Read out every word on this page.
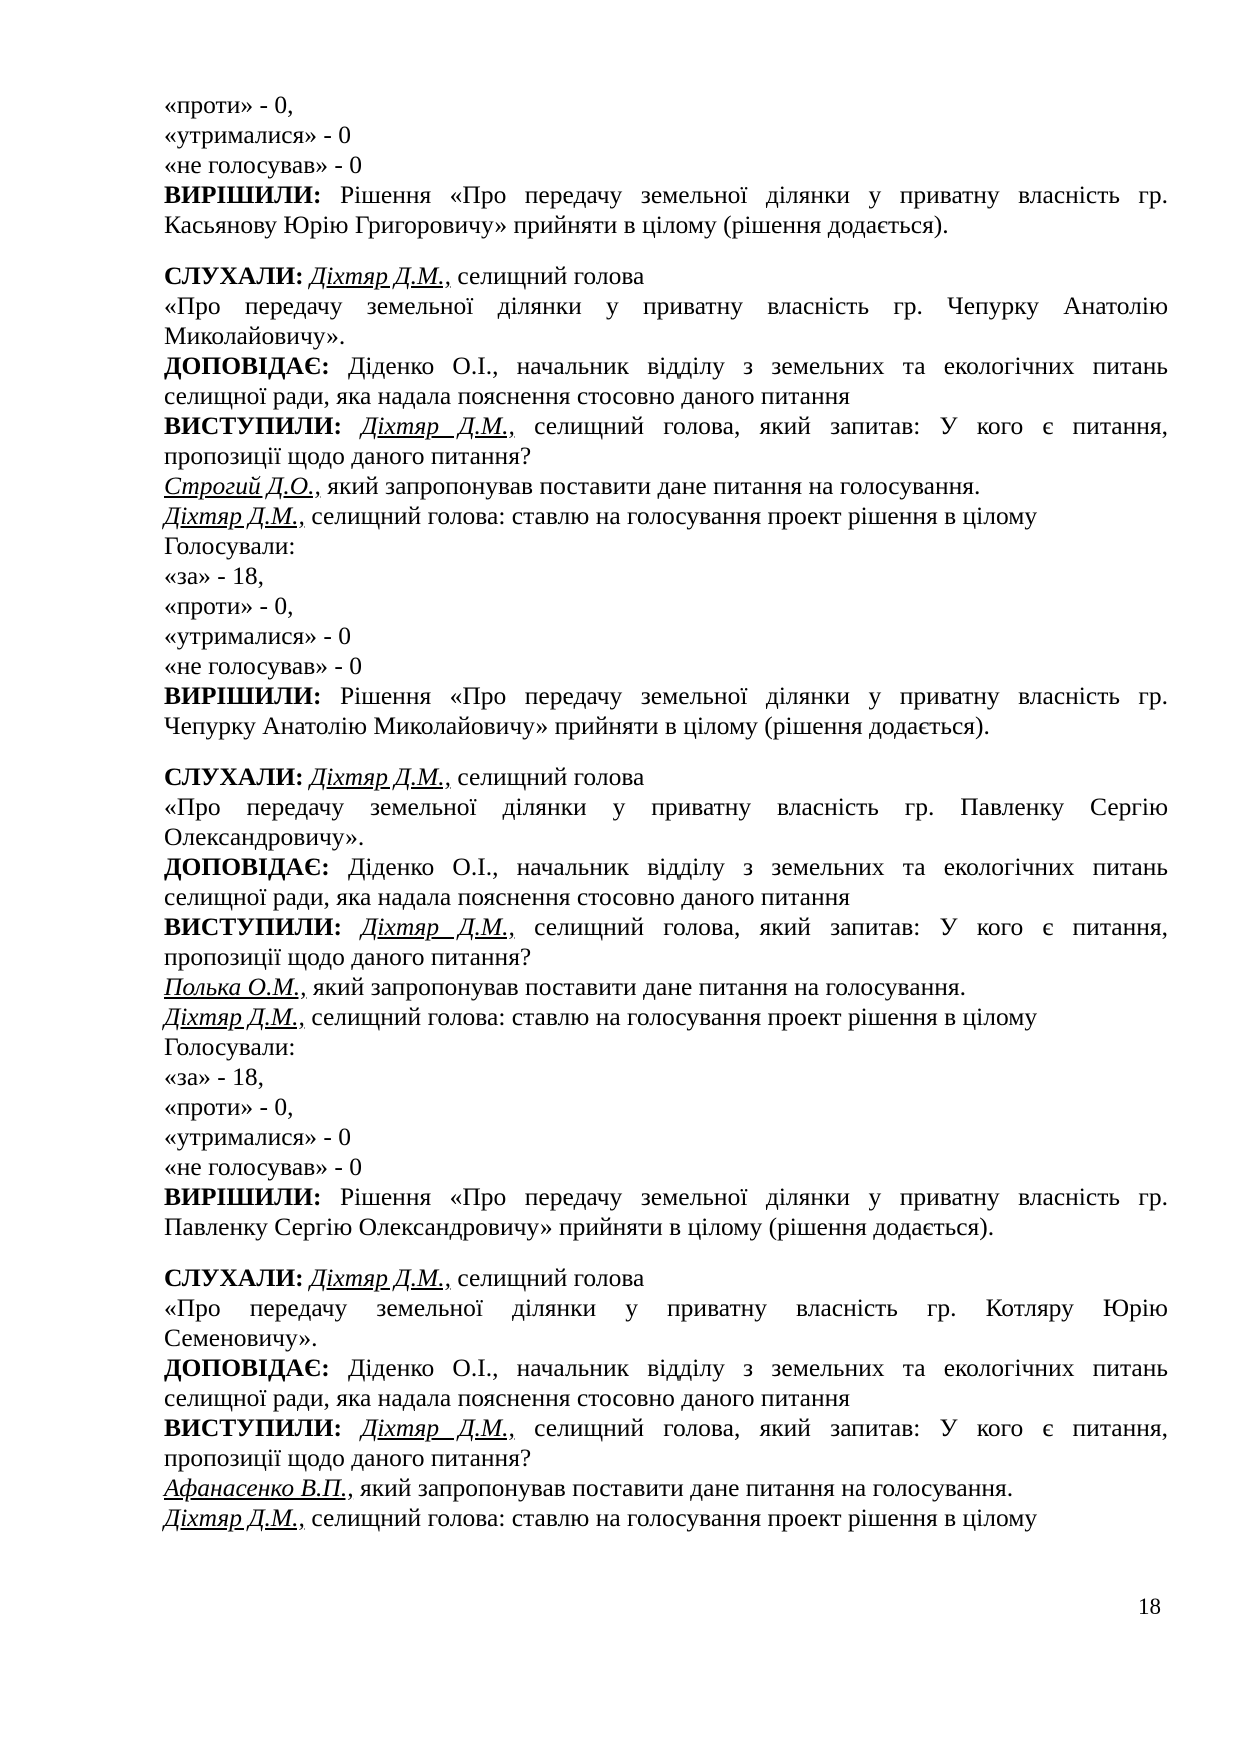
«проти» - 0,
«утрималися» - 0
«не голосував» - 0
ВИРІШИЛИ: Рішення «Про передачу земельної ділянки у приватну власність гр.
Касьянову Юрію Григоровичу» прийняти в цілому (рішення додається).
СЛУХАЛИ: Діхтяр Д.М., селищний голова
«Про передачу земельної ділянки у приватну власність гр. Чепурку Анатолію
Миколайовичу».
ДОПОВІДАЄ: Діденко О.І., начальник відділу з земельних та екологічних питань
селищної ради, яка надала пояснення стосовно даного питання
ВИСТУПИЛИ: Діхтяр Д.М., селищний голова, який запитав: У кого є питання,
пропозиції щодо даного питання?
Строгий Д.О., який запропонував поставити дане питання на голосування.
Діхтяр Д.М., селищний голова: ставлю на голосування проект рішення в цілому
Голосували:
«за» - 18,
«проти» - 0,
«утрималися» - 0
«не голосував» - 0
ВИРІШИЛИ: Рішення «Про передачу земельної ділянки у приватну власність гр.
Чепурку Анатолію Миколайовичу» прийняти в цілому (рішення додається).
СЛУХАЛИ: Діхтяр Д.М., селищний голова
«Про передачу земельної ділянки у приватну власність гр. Павленку Сергію
Олександровичу».
ДОПОВІДАЄ: Діденко О.І., начальник відділу з земельних та екологічних питань
селищної ради, яка надала пояснення стосовно даного питання
ВИСТУПИЛИ: Діхтяр Д.М., селищний голова, який запитав: У кого є питання,
пропозиції щодо даного питання?
Полька О.М., який запропонував поставити дане питання на голосування.
Діхтяр Д.М., селищний голова: ставлю на голосування проект рішення в цілому
Голосували:
«за» - 18,
«проти» - 0,
«утрималися» - 0
«не голосував» - 0
ВИРІШИЛИ: Рішення «Про передачу земельної ділянки у приватну власність гр.
Павленку Сергію Олександровичу» прийняти в цілому (рішення додається).
СЛУХАЛИ: Діхтяр Д.М., селищний голова
«Про передачу земельної ділянки у приватну власність гр. Котляру Юрію
Семеновичу».
ДОПОВІДАЄ: Діденко О.І., начальник відділу з земельних та екологічних питань
селищної ради, яка надала пояснення стосовно даного питання
ВИСТУПИЛИ: Діхтяр Д.М., селищний голова, який запитав: У кого є питання,
пропозиції щодо даного питання?
Афанасенко В.П., який запропонував поставити дане питання на голосування.
Діхтяр Д.М., селищний голова: ставлю на голосування проект рішення в цілому
18
